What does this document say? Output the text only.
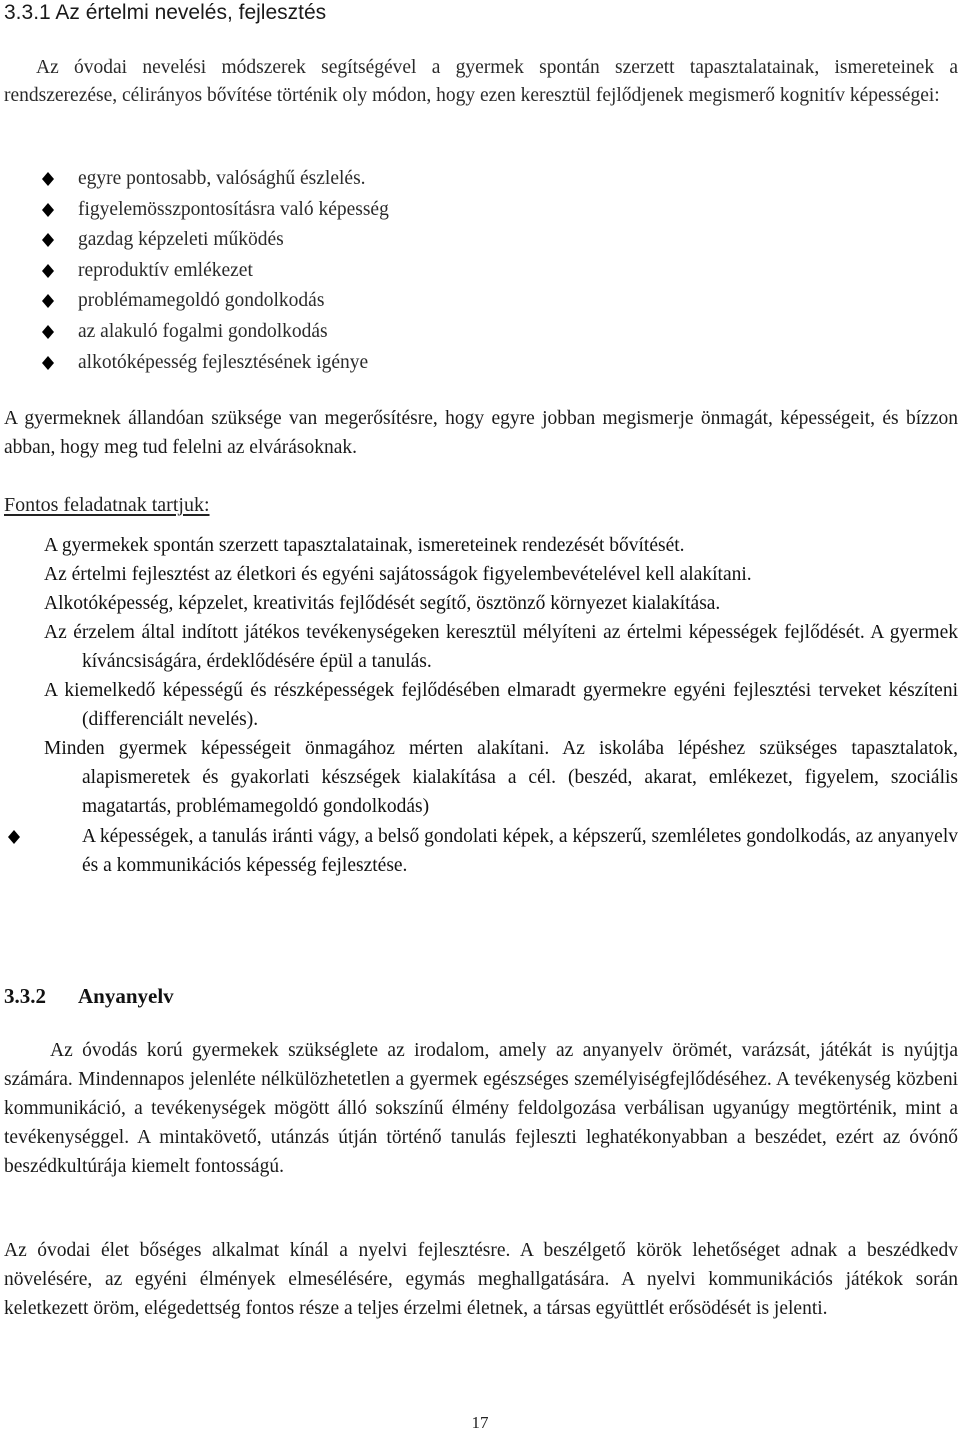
3.3.1 Az értelmi nevelés, fejlesztés
Az óvodai nevelési módszerek segítségével a gyermek spontán szerzett tapasztalatainak, ismereteinek a rendszerezése, célirányos bővítése történik oly módon, hogy ezen keresztül fejlődjenek megismerő kognitív képességei:
egyre pontosabb, valósághű észlelés.
figyelemösszpontosításra való képesség
gazdag képzeleti működés
reproduktív emlékezet
problémamegoldó gondolkodás
az alakuló fogalmi gondolkodás
alkotóképesség fejlesztésének igénye

A gyermeknek állandóan szüksége van megerősítésre, hogy egyre jobban megismerje önmagát, képességeit, és bízzon abban, hogy meg tud felelni az elvárásoknak.

Fontos feladatnak tartjuk:
A gyermekek spontán szerzett tapasztalatainak, ismereteinek rendezését bővítését.
Az értelmi fejlesztést az életkori és egyéni sajátosságok figyelembevételével kell alakítani.
Alkotóképesség, képzelet, kreativitás fejlődését segítő, ösztönző környezet kialakítása.
Az érzelem által indított játékos tevékenységeken keresztül mélyíteni az értelmi képességek fejlődését. A gyermek kíváncsiságára, érdeklődésére épül a tanulás.
A kiemelkedő képességű és részképességek fejlődésében elmaradt gyermekre egyéni fejlesztési terveket készíteni (differenciált nevelés).
Minden gyermek képességeit önmagához mérten alakítani. Az iskolába lépéshez szükséges tapasztalatok, alapismeretek és gyakorlati készségek kialakítása a cél. (beszéd, akarat, emlékezet, figyelem, szociális magatartás, problémamegoldó gondolkodás)
A képességek, a tanulás iránti vágy, a belső gondolati képek, a képszerű, szemléletes gondolkodás, az anyanyelv és a kommunikációs képesség fejlesztése.
3.3.2 Anyanyelv

Az óvodás korú gyermekek szükséglete az irodalom, amely az anyanyelv örömét, varázsát, játékát is nyújtja számára. Mindennapos jelenléte nélkülözhetetlen a gyermek egészséges személyiségfejlődéséhez. A tevékenység közbeni kommunikáció, a tevékenységek mögött álló sokszínű élmény feldolgozása verbálisan ugyanúgy megtörténik, mint a tevékenységgel. A mintakövető, utánzás útján történő tanulás fejleszti leghatékonyabban a beszédet, ezért az óvónő beszédkultúrája kiemelt fontosságú.

Az óvodai élet bőséges alkalmat kínál a nyelvi fejlesztésre. A beszélgető körök lehetőséget adnak a beszédkedv növelésére, az egyéni élmények elmesélésére, egymás meghallgatására. A nyelvi kommunikációs játékok során keletkezett öröm, elégedettség fontos része a teljes érzelmi életnek, a társas együttlét erősödését is jelenti.

17
